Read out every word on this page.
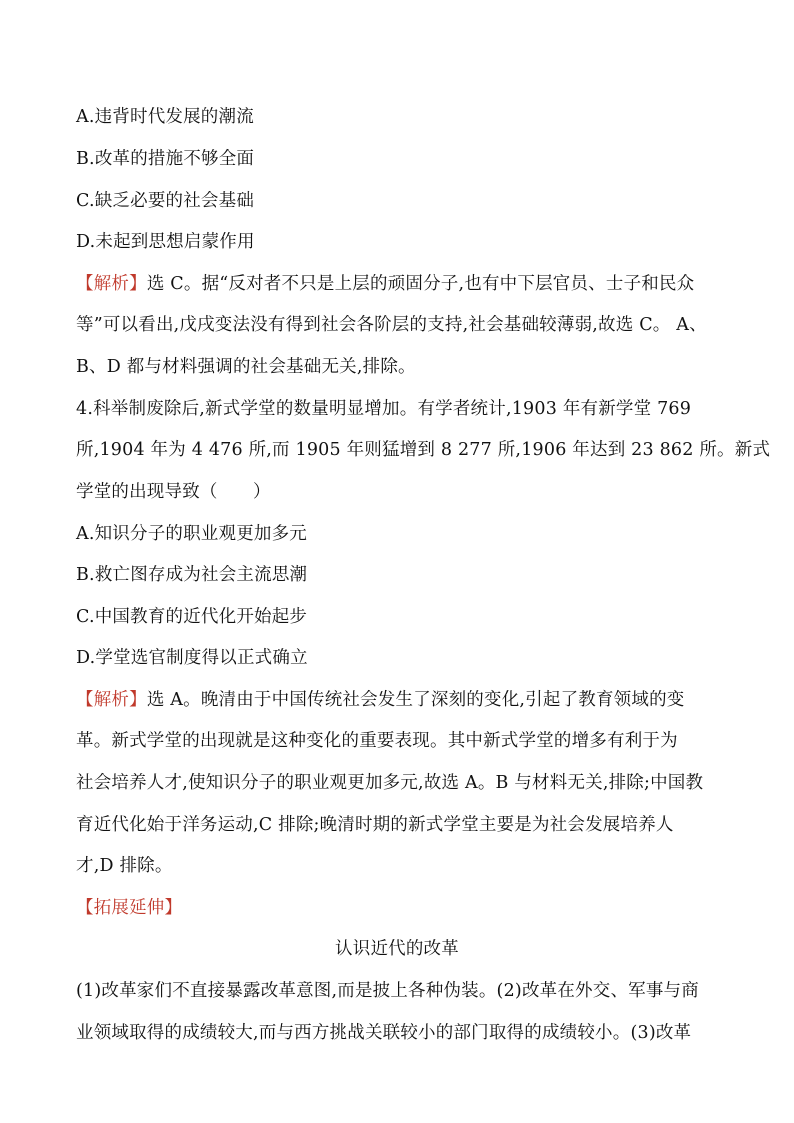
A.违背时代发展的潮流
B.改革的措施不够全面
C.缺乏必要的社会基础
D.未起到思想启蒙作用
【解析】选 C。据“反对者不只是上层的顽固分子,也有中下层官员、士子和民众
等”可以看出,戊戌变法没有得到社会各阶层的支持,社会基础较薄弱,故选 C。 A、
B、D 都与材料强调的社会基础无关,排除。
4.科举制废除后,新式学堂的数量明显增加。有学者统计,1903 年有新学堂 769
所,1904 年为 4 476 所,而 1905 年则猛增到 8 277 所,1906 年达到 23 862 所。新式
学堂的出现导致（　　）
A.知识分子的职业观更加多元
B.救亡图存成为社会主流思潮
C.中国教育的近代化开始起步
D.学堂选官制度得以正式确立
【解析】选 A。晚清由于中国传统社会发生了深刻的变化,引起了教育领域的变
革。新式学堂的出现就是这种变化的重要表现。其中新式学堂的增多有利于为
社会培养人才,使知识分子的职业观更加多元,故选 A。B 与材料无关,排除;中国教
育近代化始于洋务运动,C 排除;晚清时期的新式学堂主要是为社会发展培养人
才,D 排除。
【拓展延伸】
认识近代的改革
(1)改革家们不直接暴露改革意图,而是披上各种伪装。(2)改革在外交、军事与商
业领域取得的成绩较大,而与西方挑战关联较小的部门取得的成绩较小。(3)改革
